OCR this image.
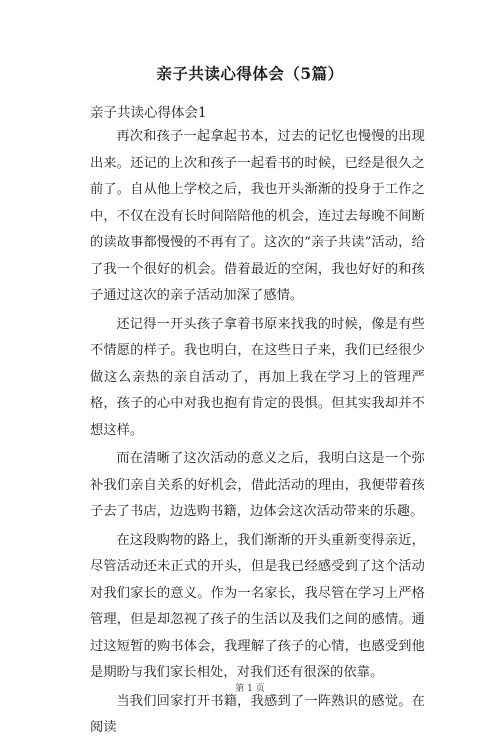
亲子共读心得体会（5篇）
亲子共读心得体会1

再次和孩子一起拿起书本，过去的记忆也慢慢的出现出来。还记的上次和孩子一起看书的时候，已经是很久之前了。自从他上学校之后，我也开头渐渐的投身于工作之中，不仅在没有长时间陪陪他的机会，连过去每晚不间断的读故事都慢慢的不再有了。这次的“亲子共读”活动，给了我一个很好的机会。借着最近的空闲，我也好好的和孩子通过这次的亲子活动加深了感情。

还记得一开头孩子拿着书原来找我的时候，像是有些不情愿的样子。我也明白，在这些日子来，我们已经很少做这么亲热的亲自活动了，再加上我在学习上的管理严格，孩子的心中对我也抱有肯定的畏惧。但其实我却并不想这样。

而在清晰了这次活动的意义之后，我明白这是一个弥补我们亲自关系的好机会，借此活动的理由，我便带着孩子去了书店，边选购书籍，边体会这次活动带来的乐趣。

在这段购物的路上，我们渐渐的开头重新变得亲近，尽管活动还未正式的开头，但是我已经感受到了这个活动对我们家长的意义。作为一名家长，我尽管在学习上严格管理，但是却忽视了孩子的生活以及我们之间的感情。通过这短暂的购书体会，我理解了孩子的心情，也感受到他是期盼与我们家长相处，对我们还有很深的依靠。

当我们回家打开书籍，我感到了一阵熟识的感觉。在阅读

第 1 页
